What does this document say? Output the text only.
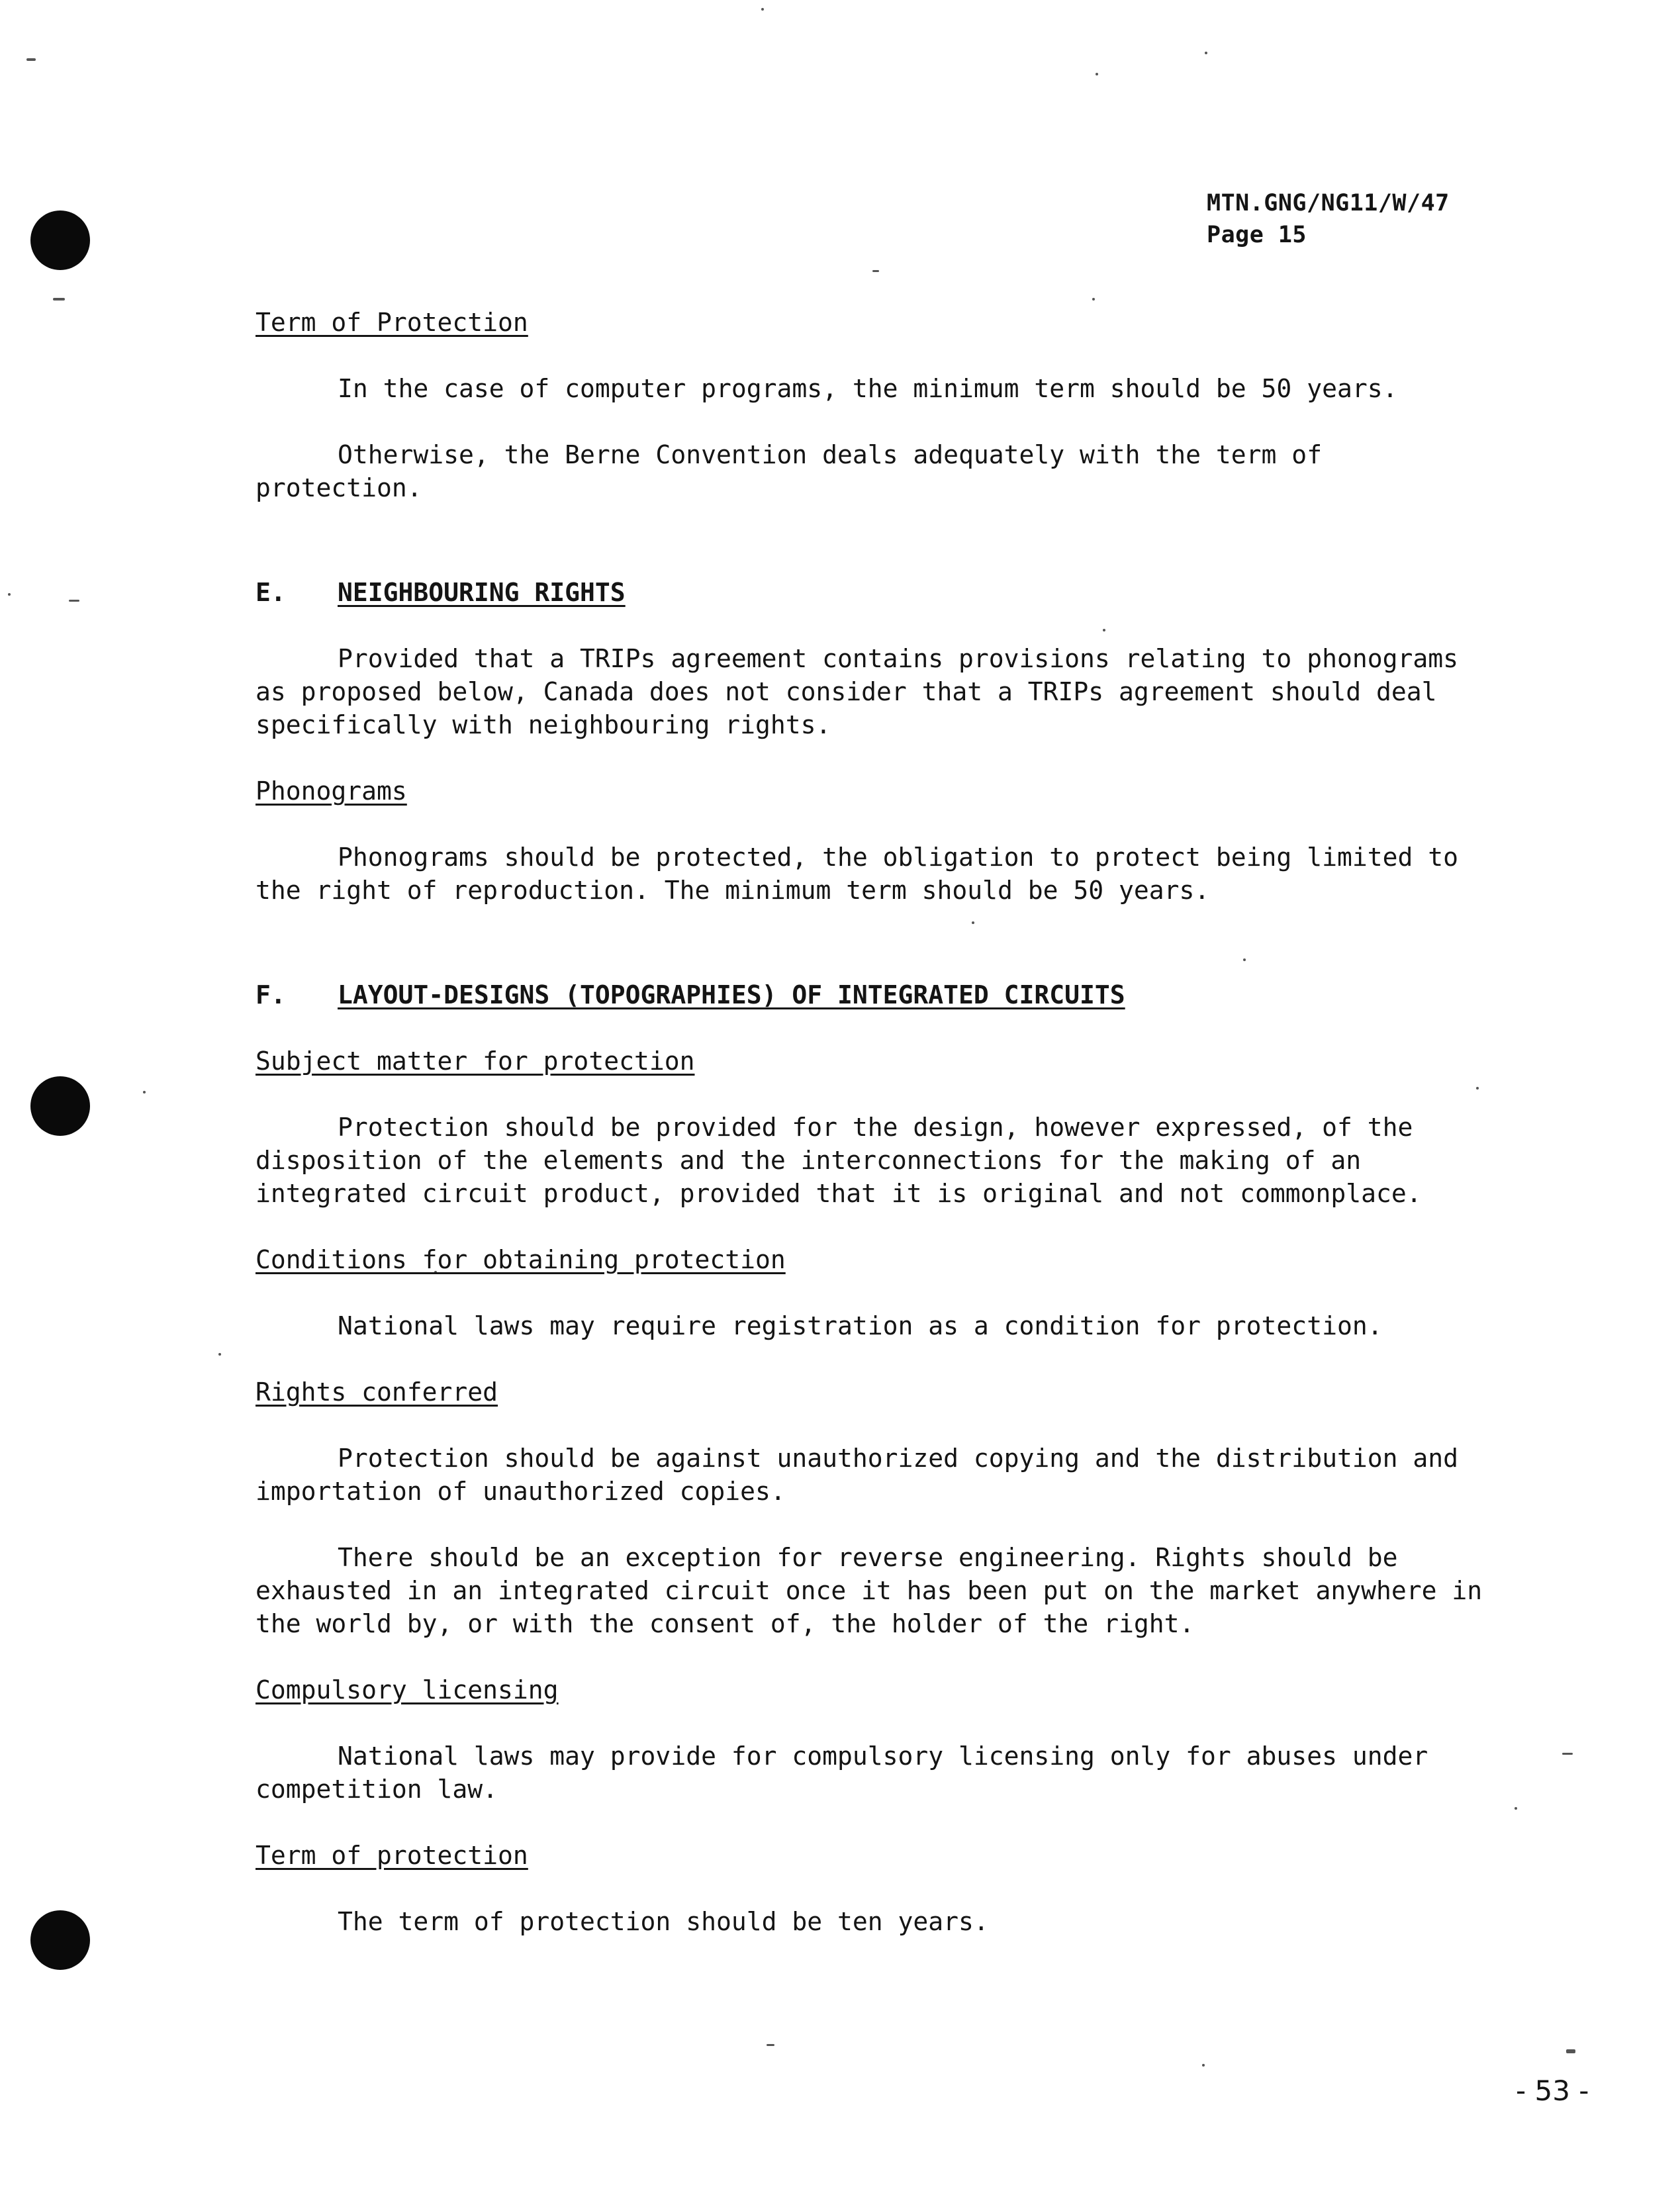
MTN.GNG/NG11/W/47
Page 15
Term of Protection
In the case of computer programs, the minimum term should be 50 years.
Otherwise, the Berne Convention deals adequately with the term of protection.
E. NEIGHBOURING RIGHTS
Provided that a TRIPs agreement contains provisions relating to phonograms as proposed below, Canada does not consider that a TRIPs agreement should deal specifically with neighbouring rights.
Phonograms
Phonograms should be protected, the obligation to protect being limited to the right of reproduction. The minimum term should be 50 years.
F. LAYOUT-DESIGNS (TOPOGRAPHIES) OF INTEGRATED CIRCUITS
Subject matter for protection
Protection should be provided for the design, however expressed, of the disposition of the elements and the interconnections for the making of an integrated circuit product, provided that it is original and not commonplace.
Conditions for obtaining protection
National laws may require registration as a condition for protection.
Rights conferred
Protection should be against unauthorized copying and the distribution and importation of unauthorized copies.
There should be an exception for reverse engineering. Rights should be exhausted in an integrated circuit once it has been put on the market anywhere in the world by, or with the consent of, the holder of the right.
Compulsory licensing
National laws may provide for compulsory licensing only for abuses under competition law.
Term of protection
The term of protection should be ten years.
- 53 -
